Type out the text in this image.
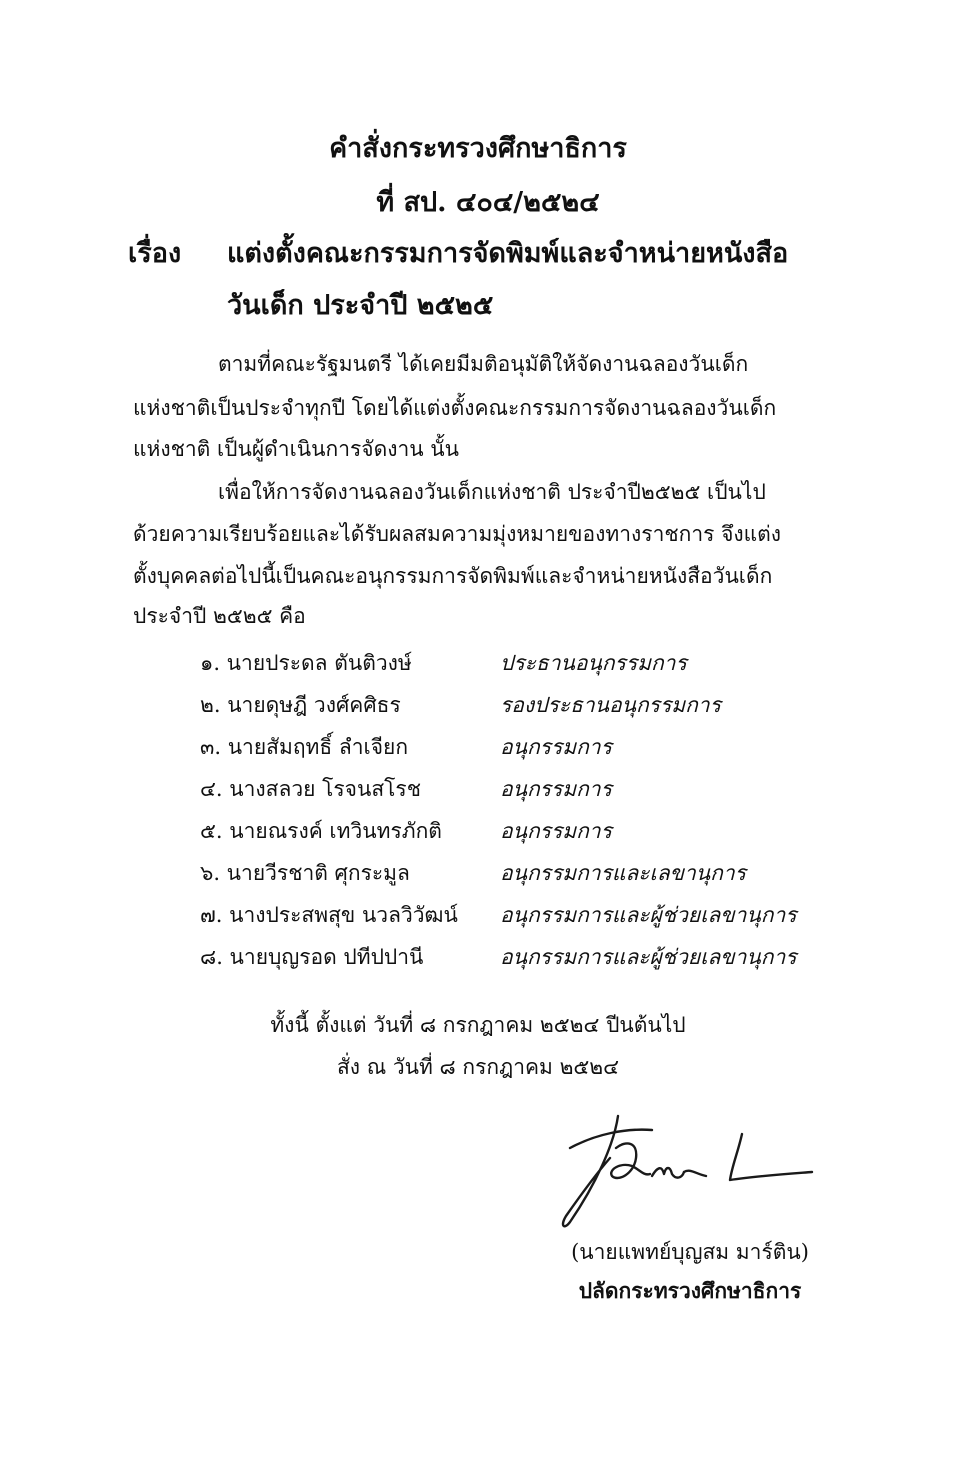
คำสั่งกระทรวงศึกษาธิการ
ที่ สป. ๔๐๔/๒๕๒๔
เรื่อง แต่งตั้งคณะกรรมการจัดพิมพ์และจำหน่ายหนังสือ
วันเด็ก ประจำปี ๒๕๒๕
ตามที่คณะรัฐมนตรี ได้เคยมีมติอนุมัติให้จัดงานฉลองวันเด็ก
แห่งชาติเป็นประจำทุกปี โดยได้แต่งตั้งคณะกรรมการจัดงานฉลองวันเด็ก
แห่งชาติ เป็นผู้ดำเนินการจัดงาน นั้น
เพื่อให้การจัดงานฉลองวันเด็กแห่งชาติ ประจำปี๒๕๒๕ เป็นไป
ด้วยความเรียบร้อยและได้รับผลสมความมุ่งหมายของทางราชการ จึงแต่ง
ตั้งบุคคลต่อไปนี้เป็นคณะอนุกรรมการจัดพิมพ์และจำหน่ายหนังสือวันเด็ก
ประจำปี ๒๕๒๕ คือ
๑. นายประดล ตันติวงษ์	ประธานอนุกรรมการ
๒. นายดุษฎี วงศ์คศิธร	รองประธานอนุกรรมการ
๓. นายสัมฤทธิ์ ลำเจียก	อนุกรรมการ
๔. นางสลวย โรจนสโรช	อนุกรรมการ
๕. นายณรงค์ เทวินทรภักติ	อนุกรรมการ
๖. นายวีรชาติ ศุกระมูล	อนุกรรมการและเลขานุการ
๗. นางประสพสุข นวลวิวัฒน์ อนุกรรมการและผู้ช่วยเลขานุการ
๘. นายบุญรอด ปทีปปานี	อนุกรรมการและผู้ช่วยเลขานุการ
ทั้งนี้ ตั้งแต่ วันที่ ๘ กรกฎาคม ๒๕๒๔ ปีนต้นไป
สั่ง ณ วันที่ ๘ กรกฎาคม ๒๕๒๔
(นายแพทย์บุญสม มาร์ติน)
ปลัดกระทรวงศึกษาธิการ
